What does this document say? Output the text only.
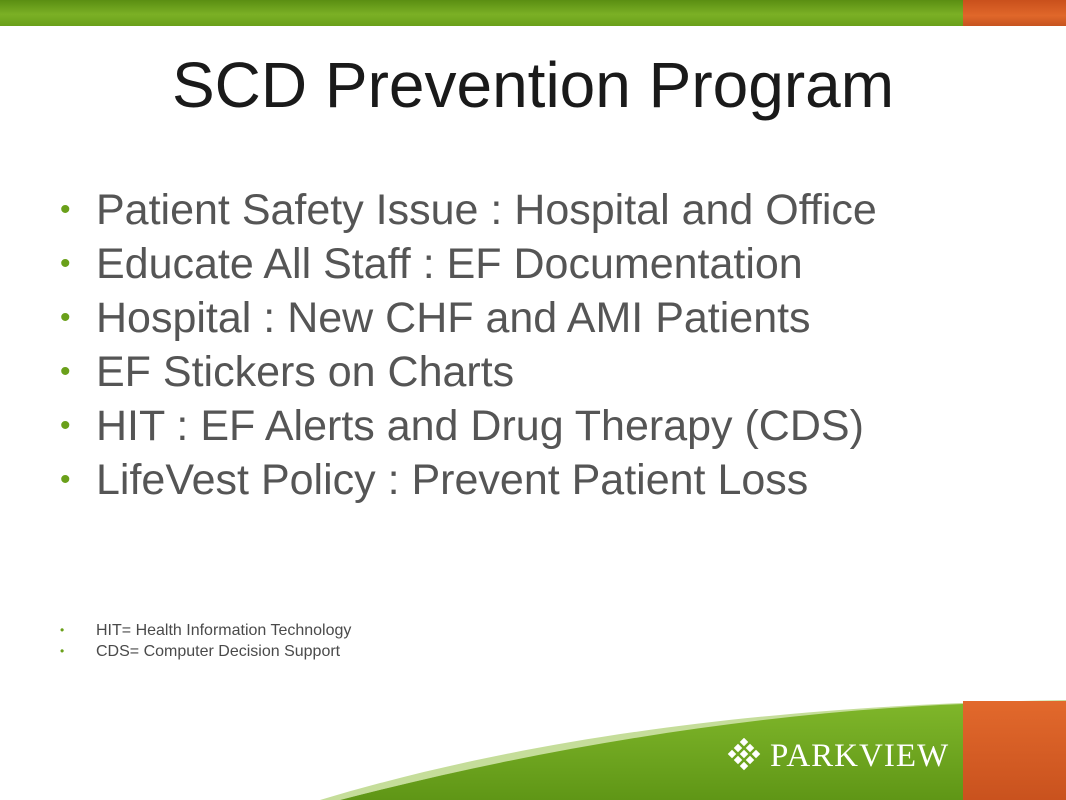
SCD Prevention Program
• Patient Safety Issue : Hospital and Office
• Educate All Staff : EF Documentation
• Hospital : New CHF and AMI Patients
• EF Stickers on Charts
• HIT : EF Alerts and Drug Therapy (CDS)
• LifeVest Policy : Prevent Patient Loss
• HIT= Health Information Technology
• CDS= Computer Decision Support
PARKVIEW
